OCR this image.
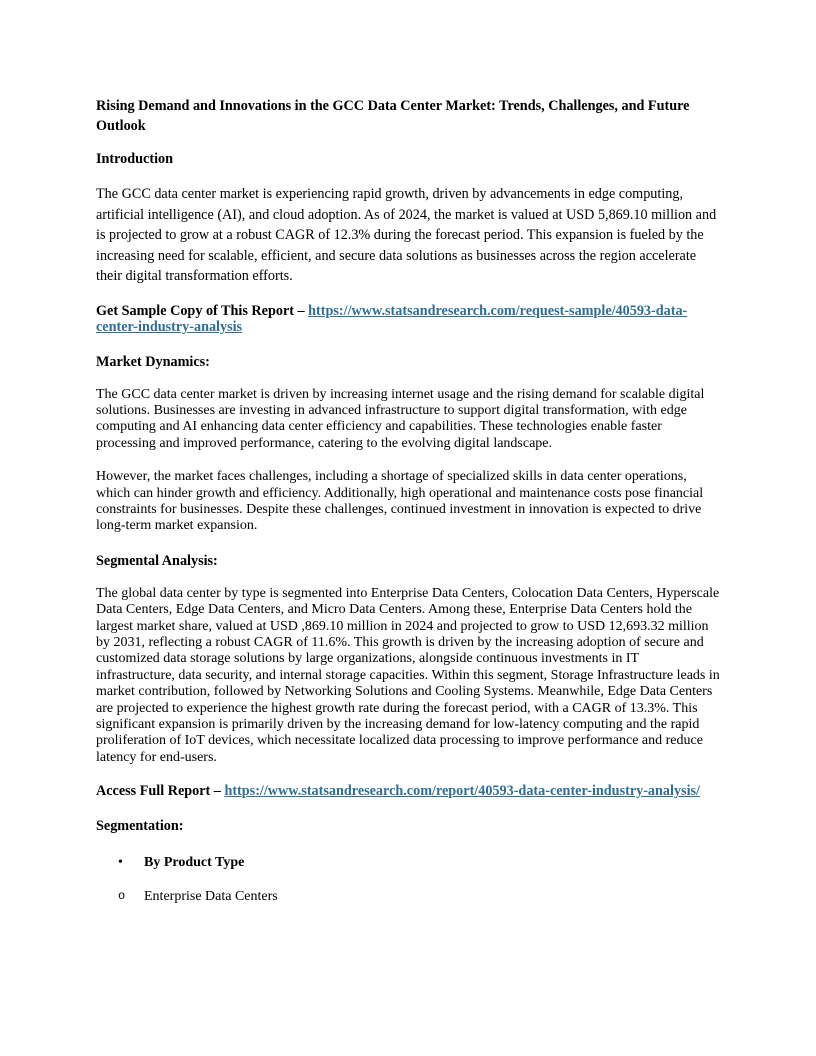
Rising Demand and Innovations in the GCC Data Center Market: Trends, Challenges, and Future Outlook
Introduction
The GCC data center market is experiencing rapid growth, driven by advancements in edge computing, artificial intelligence (AI), and cloud adoption. As of 2024, the market is valued at USD 5,869.10 million and is projected to grow at a robust CAGR of 12.3% during the forecast period. This expansion is fueled by the increasing need for scalable, efficient, and secure data solutions as businesses across the region accelerate their digital transformation efforts.
Get Sample Copy of This Report – https://www.statsandresearch.com/request-sample/40593-data-center-industry-analysis
Market Dynamics:
The GCC data center market is driven by increasing internet usage and the rising demand for scalable digital solutions. Businesses are investing in advanced infrastructure to support digital transformation, with edge computing and AI enhancing data center efficiency and capabilities. These technologies enable faster processing and improved performance, catering to the evolving digital landscape.
However, the market faces challenges, including a shortage of specialized skills in data center operations, which can hinder growth and efficiency. Additionally, high operational and maintenance costs pose financial constraints for businesses. Despite these challenges, continued investment in innovation is expected to drive long-term market expansion.
Segmental Analysis:
The global data center by type is segmented into Enterprise Data Centers, Colocation Data Centers, Hyperscale Data Centers, Edge Data Centers, and Micro Data Centers. Among these, Enterprise Data Centers hold the largest market share, valued at USD ,869.10 million in 2024 and projected to grow to USD 12,693.32 million by 2031, reflecting a robust CAGR of 11.6%. This growth is driven by the increasing adoption of secure and customized data storage solutions by large organizations, alongside continuous investments in IT infrastructure, data security, and internal storage capacities. Within this segment, Storage Infrastructure leads in market contribution, followed by Networking Solutions and Cooling Systems. Meanwhile, Edge Data Centers are projected to experience the highest growth rate during the forecast period, with a CAGR of 13.3%. This significant expansion is primarily driven by the increasing demand for low-latency computing and the rapid proliferation of IoT devices, which necessitate localized data processing to improve performance and reduce latency for end-users.
Access Full Report – https://www.statsandresearch.com/report/40593-data-center-industry-analysis/
Segmentation:
• By Product Type
o Enterprise Data Centers
